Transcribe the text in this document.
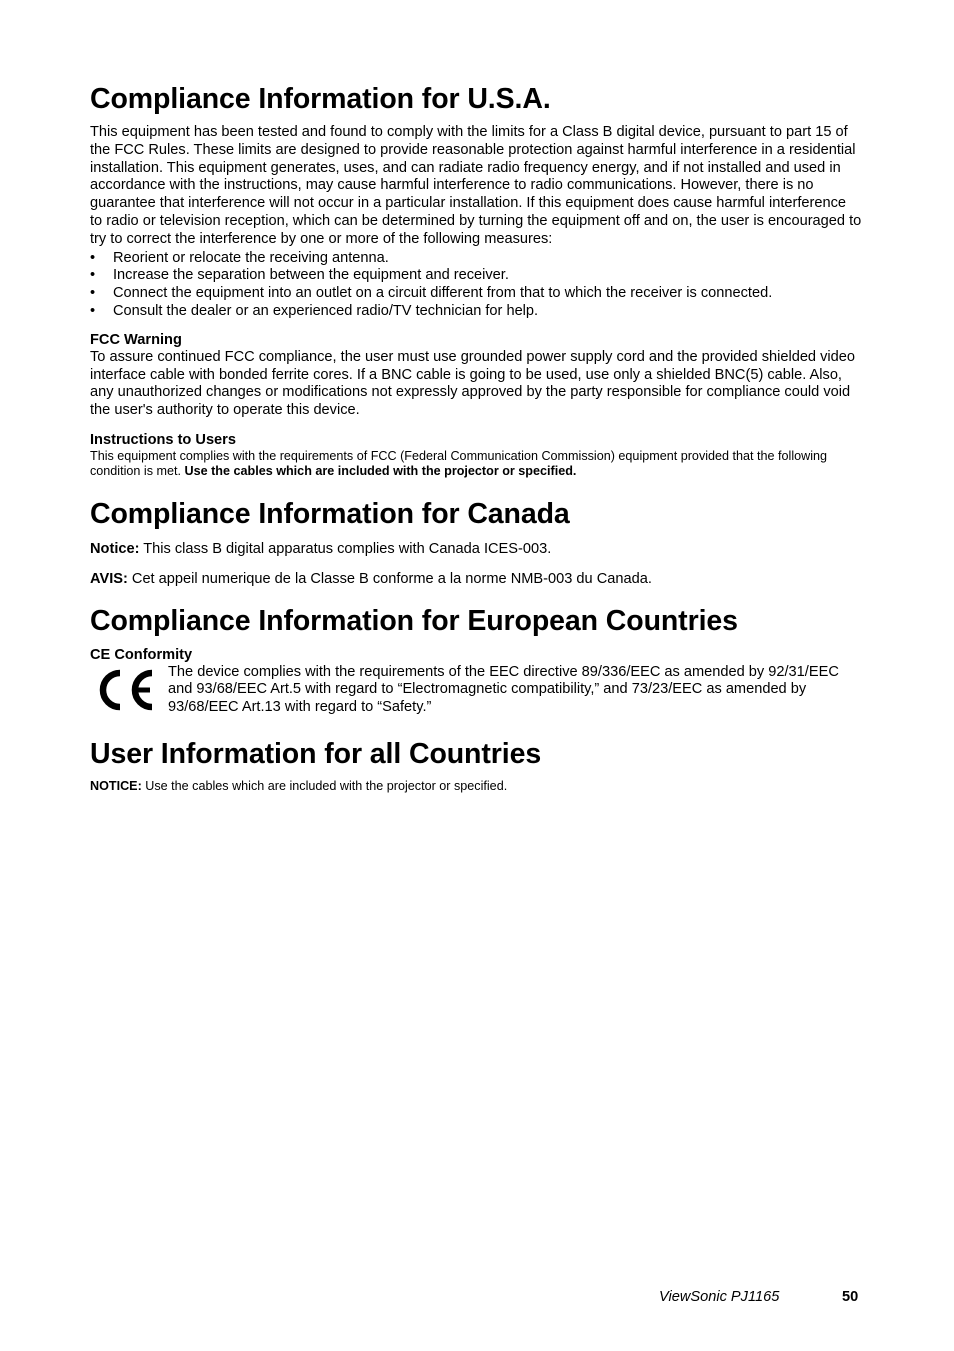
Compliance Information for U.S.A.

This equipment has been tested and found to comply with the limits for a Class B digital device, pursuant to part 15 of the FCC Rules. These limits are designed to provide reasonable protection against harmful interference in a residential installation. This equipment generates, uses, and can radiate radio frequency energy, and if not installed and used in accordance with the instructions, may cause harmful interference to radio communications. However, there is no guarantee that interference will not occur in a particular installation. If this equipment does cause harmful interference to radio or television reception, which can be determined by turning the equipment off and on, the user is encouraged to try to correct the interference by one or more of the following measures:

• Reorient or relocate the receiving antenna.
• Increase the separation between the equipment and receiver.
• Connect the equipment into an outlet on a circuit different from that to which the receiver is connected.
• Consult the dealer or an experienced radio/TV technician for help.
FCC Warning

To assure continued FCC compliance, the user must use grounded power supply cord and the provided shielded video interface cable with bonded ferrite cores. If a BNC cable is going to be used, use only a shielded BNC(5) cable. Also, any unauthorized changes or modifications not expressly approved by the party responsible for compliance could void the user's authority to operate this device.

Instructions to Users

This equipment complies with the requirements of FCC (Federal Communication Commission) equipment provided that the following condition is met. Use the cables which are included with the projector or specified.

Compliance Information for Canada

Notice: This class B digital apparatus complies with Canada ICES-003.

AVIS: Cet appeil numerique de la Classe B conforme a la norme NMB-003 du Canada.

Compliance Information for European Countries
CE Conformity

The device complies with the requirements of the EEC directive 89/336/EEC as amended by 92/31/EEC and 93/68/EEC Art.5 with regard to “Electromagnetic compatibility,” and 73/23/EEC as amended by 93/68/EEC Art.13 with regard to “Safety.”

User Information for all Countries

NOTICE: Use the cables which are included with the projector or specified.

ViewSonic PJ1165	50
